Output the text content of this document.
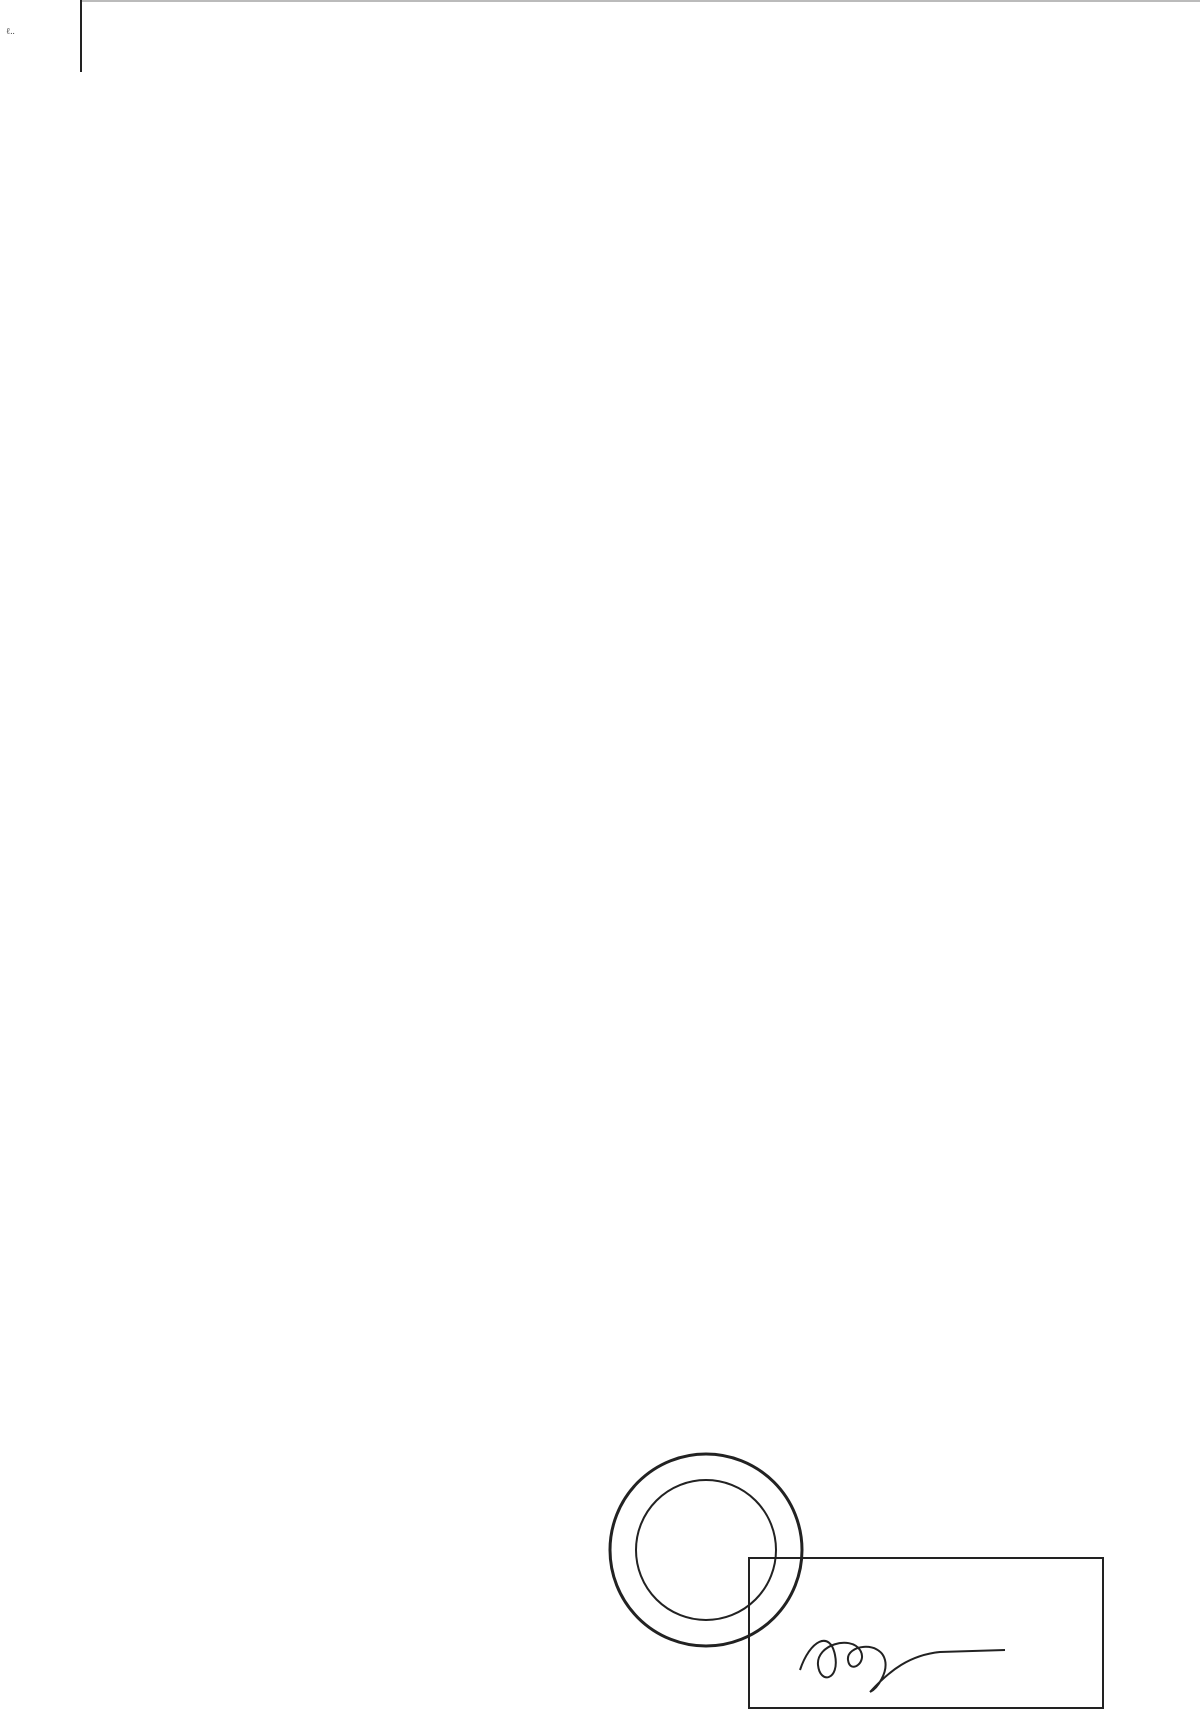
ℓ..
